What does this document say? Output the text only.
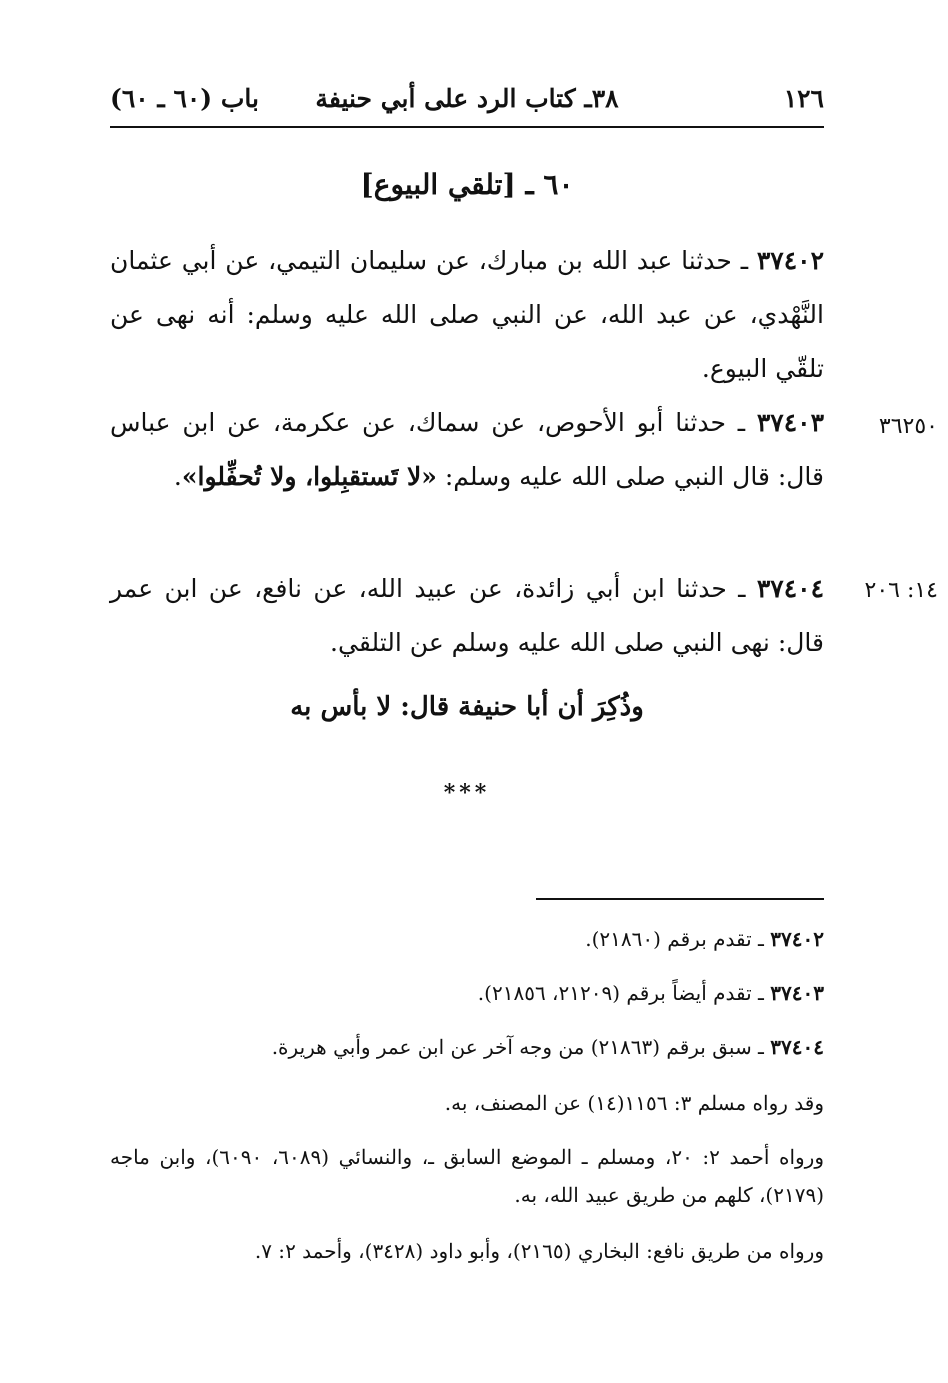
١٢٦
٣٨ـ كتاب الرد على أبي حنيفة
باب (٦٠ ـ ٦٠)
٦٠ ـ [تلقي البيوع]
٣٧٤٠٢ ـ حدثنا عبد الله بن مبارك، عن سليمان التيمي، عن أبي عثمان النَّهْدي، عن عبد الله، عن النبي صلى الله عليه وسلم: أنه نهى عن تلقّي البيوع.
٣٦٢٥٠
٣٧٤٠٣ ـ حدثنا أبو الأحوص، عن سماك، عن عكرمة، عن ابن عباس قال: قال النبي صلى الله عليه وسلم: «لا تَستقبِلوا، ولا تُحفِّلوا».
١٤: ٢٠٦
٣٧٤٠٤ ـ حدثنا ابن أبي زائدة، عن عبيد الله، عن نافع، عن ابن عمر قال: نهى النبي صلى الله عليه وسلم عن التلقي.
وذُكِرَ أن أبا حنيفة قال: لا بأس به
***
٣٧٤٠٢ ـ تقدم برقم (٢١٨٦٠).
٣٧٤٠٣ ـ تقدم أيضاً برقم (٢١٢٠٩، ٢١٨٥٦).
٣٧٤٠٤ ـ سبق برقم (٢١٨٦٣) من وجه آخر عن ابن عمر وأبي هريرة.
وقد رواه مسلم ٣: ١١٥٦(١٤) عن المصنف، به.
ورواه أحمد ٢: ٢٠، ومسلم ـ الموضع السابق ـ، والنسائي (٦٠٨٩، ٦٠٩٠)، وابن ماجه (٢١٧٩)، كلهم من طريق عبيد الله، به.
ورواه من طريق نافع: البخاري (٢١٦٥)، وأبو داود (٣٤٢٨)، وأحمد ٢: ٧.
